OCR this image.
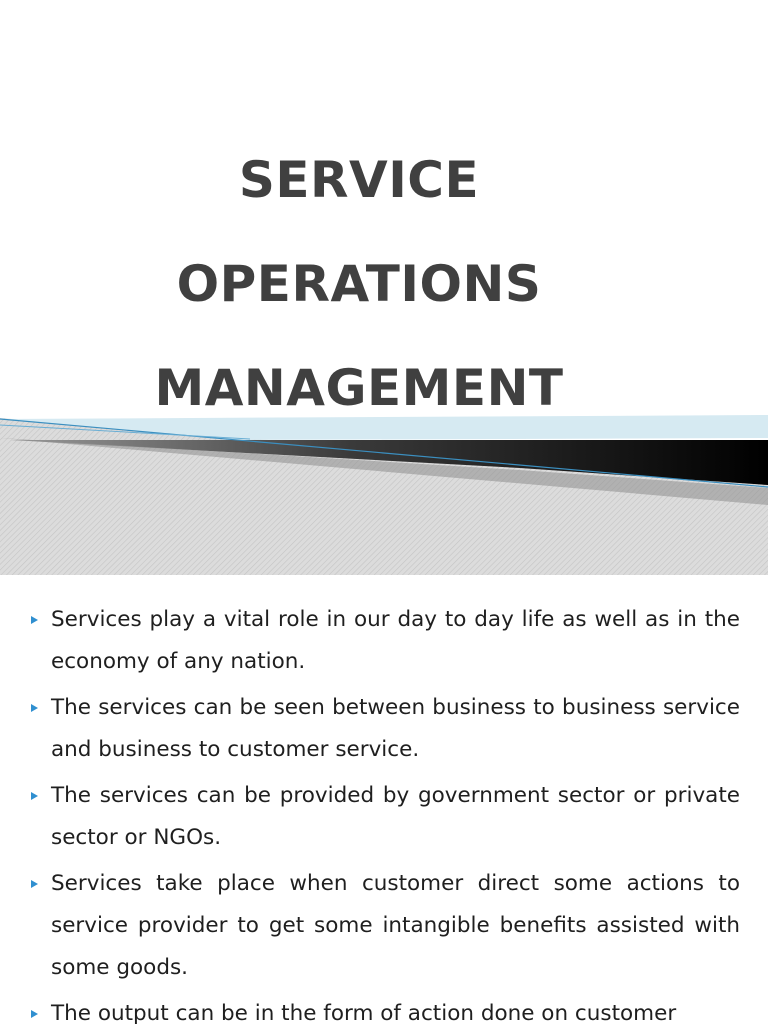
SERVICE
OPERATIONS
MANAGEMENT
Services play a vital role in our day to day life as well as in the economy of any nation.
The services can be seen between business to business service and business to customer service.
The services can be provided by government sector or private sector or NGOs.
Services take place when customer direct some actions to service provider to get some intangible benefits assisted with some goods.
The output can be in the form of action done on customer
